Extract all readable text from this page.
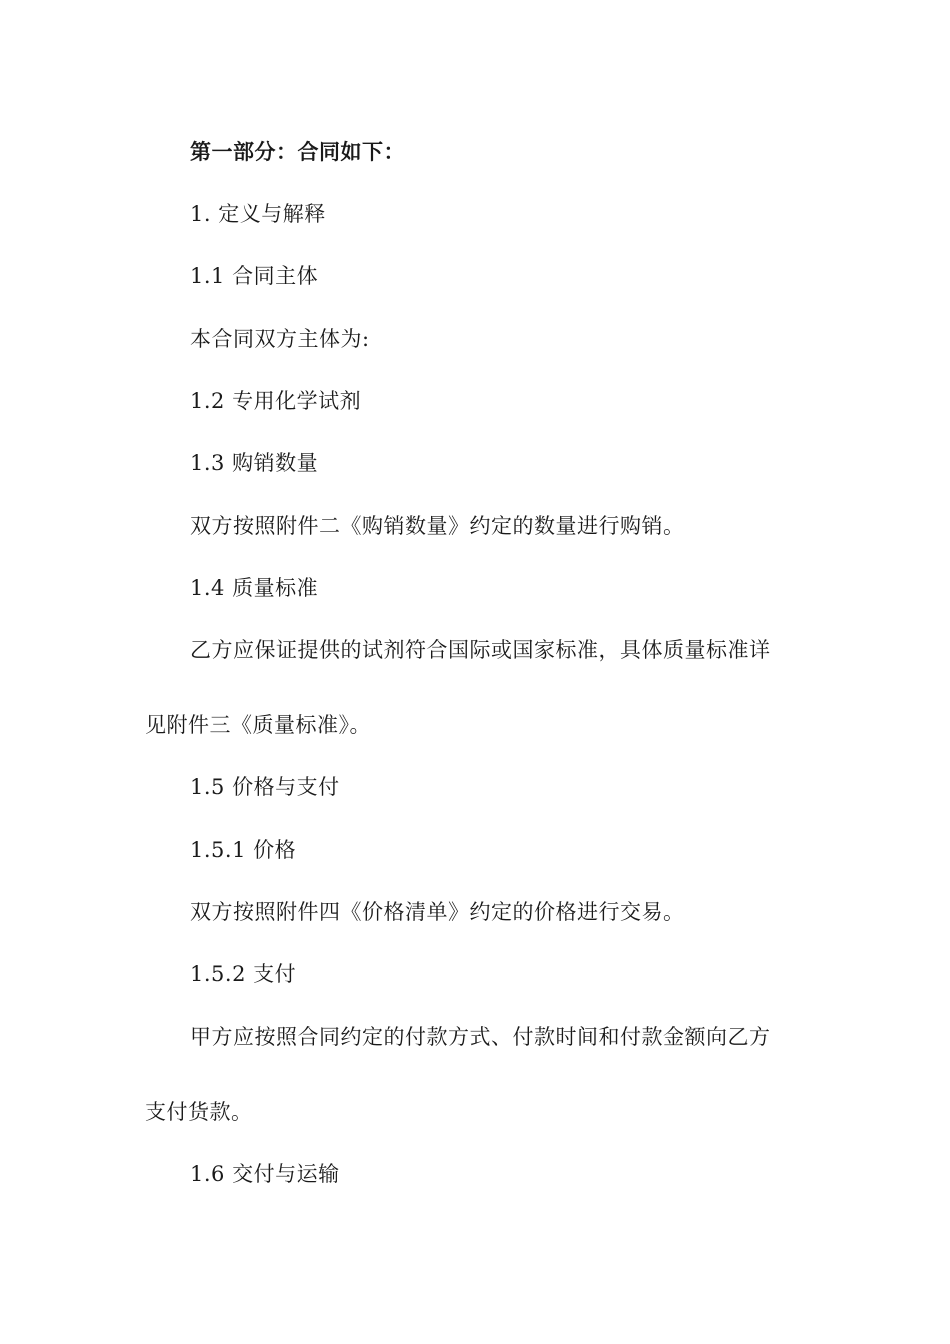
第一部分：合同如下：
1. 定义与解释
1.1 合同主体
本合同双方主体为:
1.2 专用化学试剂
1.3 购销数量
双方按照附件二《购销数量》约定的数量进行购销。
1.4 质量标准
乙方应保证提供的试剂符合国际或国家标准，具体质量标准详
见附件三《质量标准》。
1.5 价格与支付
1.5.1 价格
双方按照附件四《价格清单》约定的价格进行交易。
1.5.2 支付
甲方应按照合同约定的付款方式、付款时间和付款金额向乙方
支付货款。
1.6 交付与运输
